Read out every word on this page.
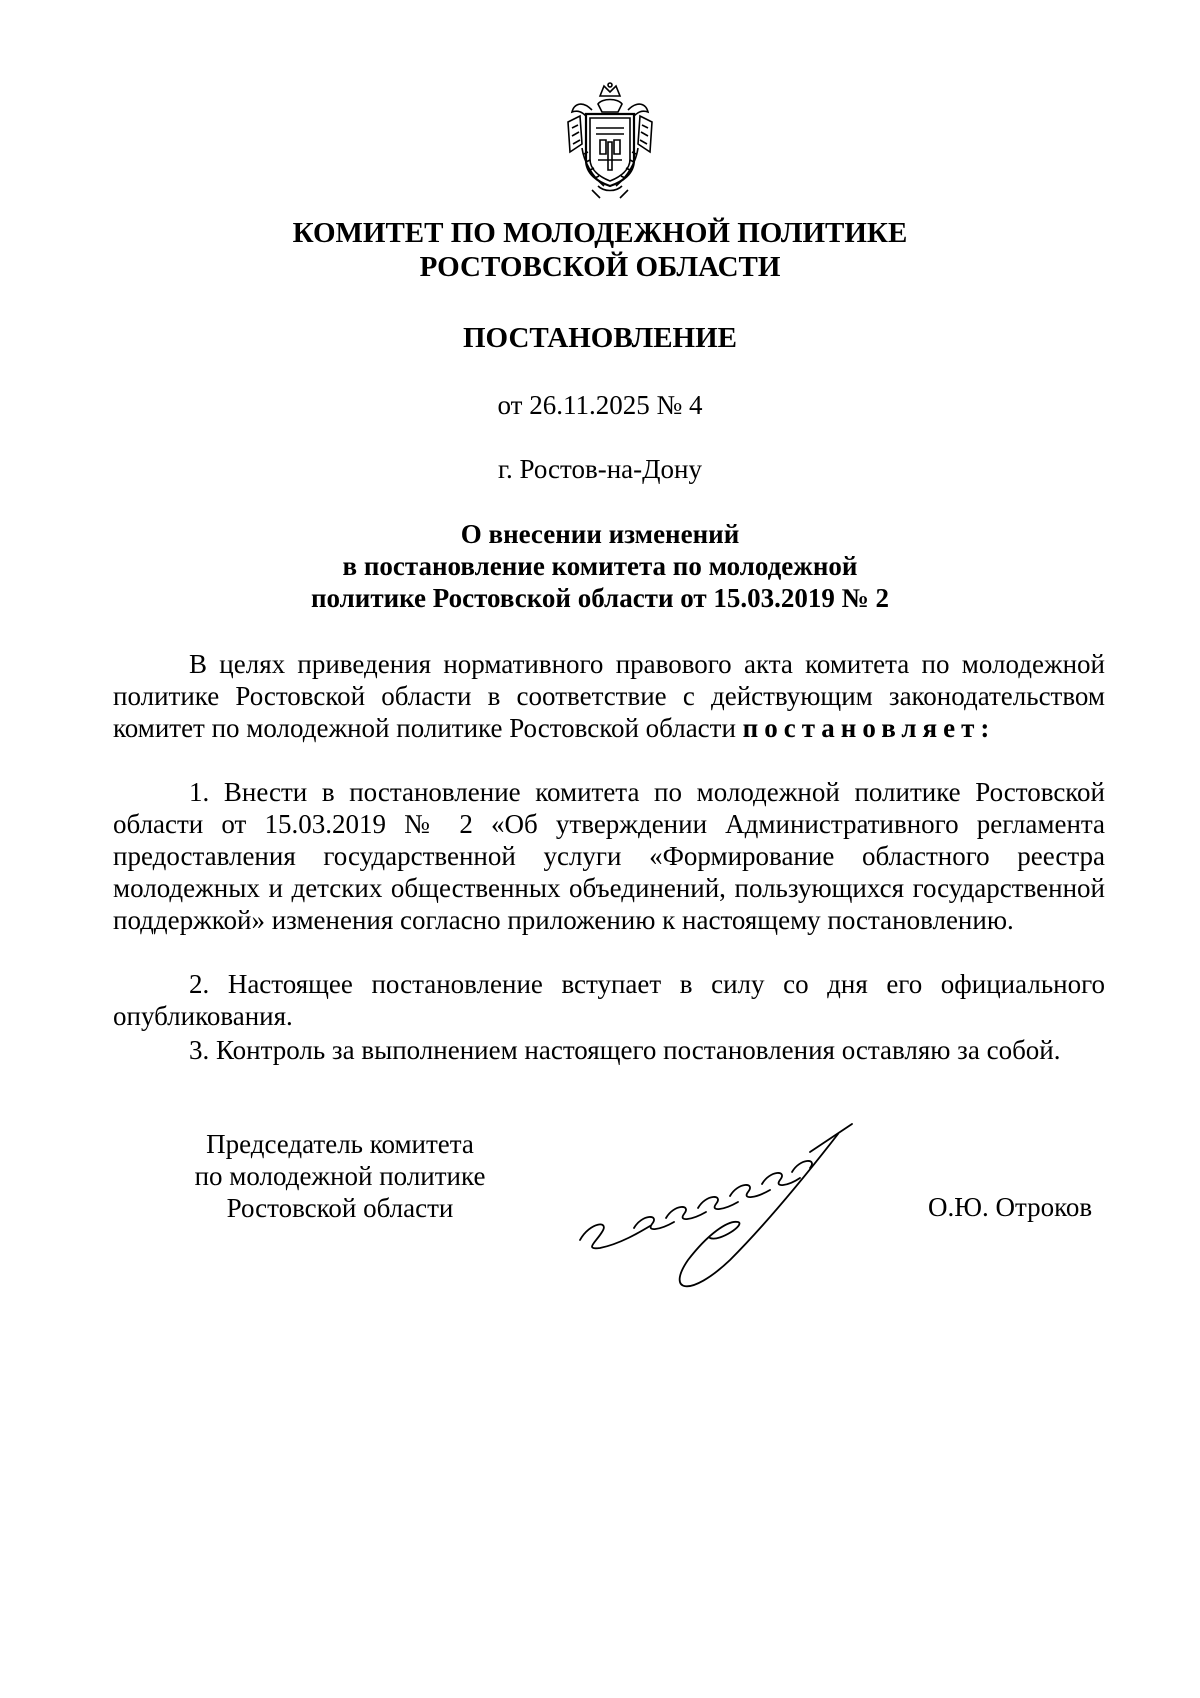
КОМИТЕТ ПО МОЛОДЕЖНОЙ ПОЛИТИКЕ
РОСТОВСКОЙ ОБЛАСТИ
ПОСТАНОВЛЕНИЕ
от 26.11.2025 № 4
г. Ростов-на-Дону
О внесении изменений
в постановление комитета по молодежной
политике Ростовской области от 15.03.2019 № 2
В целях приведения нормативного правового акта комитета по молодежной политике Ростовской области в соответствие с действующим законодательством комитет по молодежной политике Ростовской области постановляет:
1. Внести в постановление комитета по молодежной политике Ростовской области от 15.03.2019 № 2 «Об утверждении Административного регламента предоставления государственной услуги «Формирование областного реестра молодежных и детских общественных объединений, пользующихся государственной поддержкой» изменения согласно приложению к настоящему постановлению.
2. Настоящее постановление вступает в силу со дня его официального опубликования.
3. Контроль за выполнением настоящего постановления оставляю за собой.
Председатель комитета
по молодежной политике
Ростовской области	О.Ю. Отроков
